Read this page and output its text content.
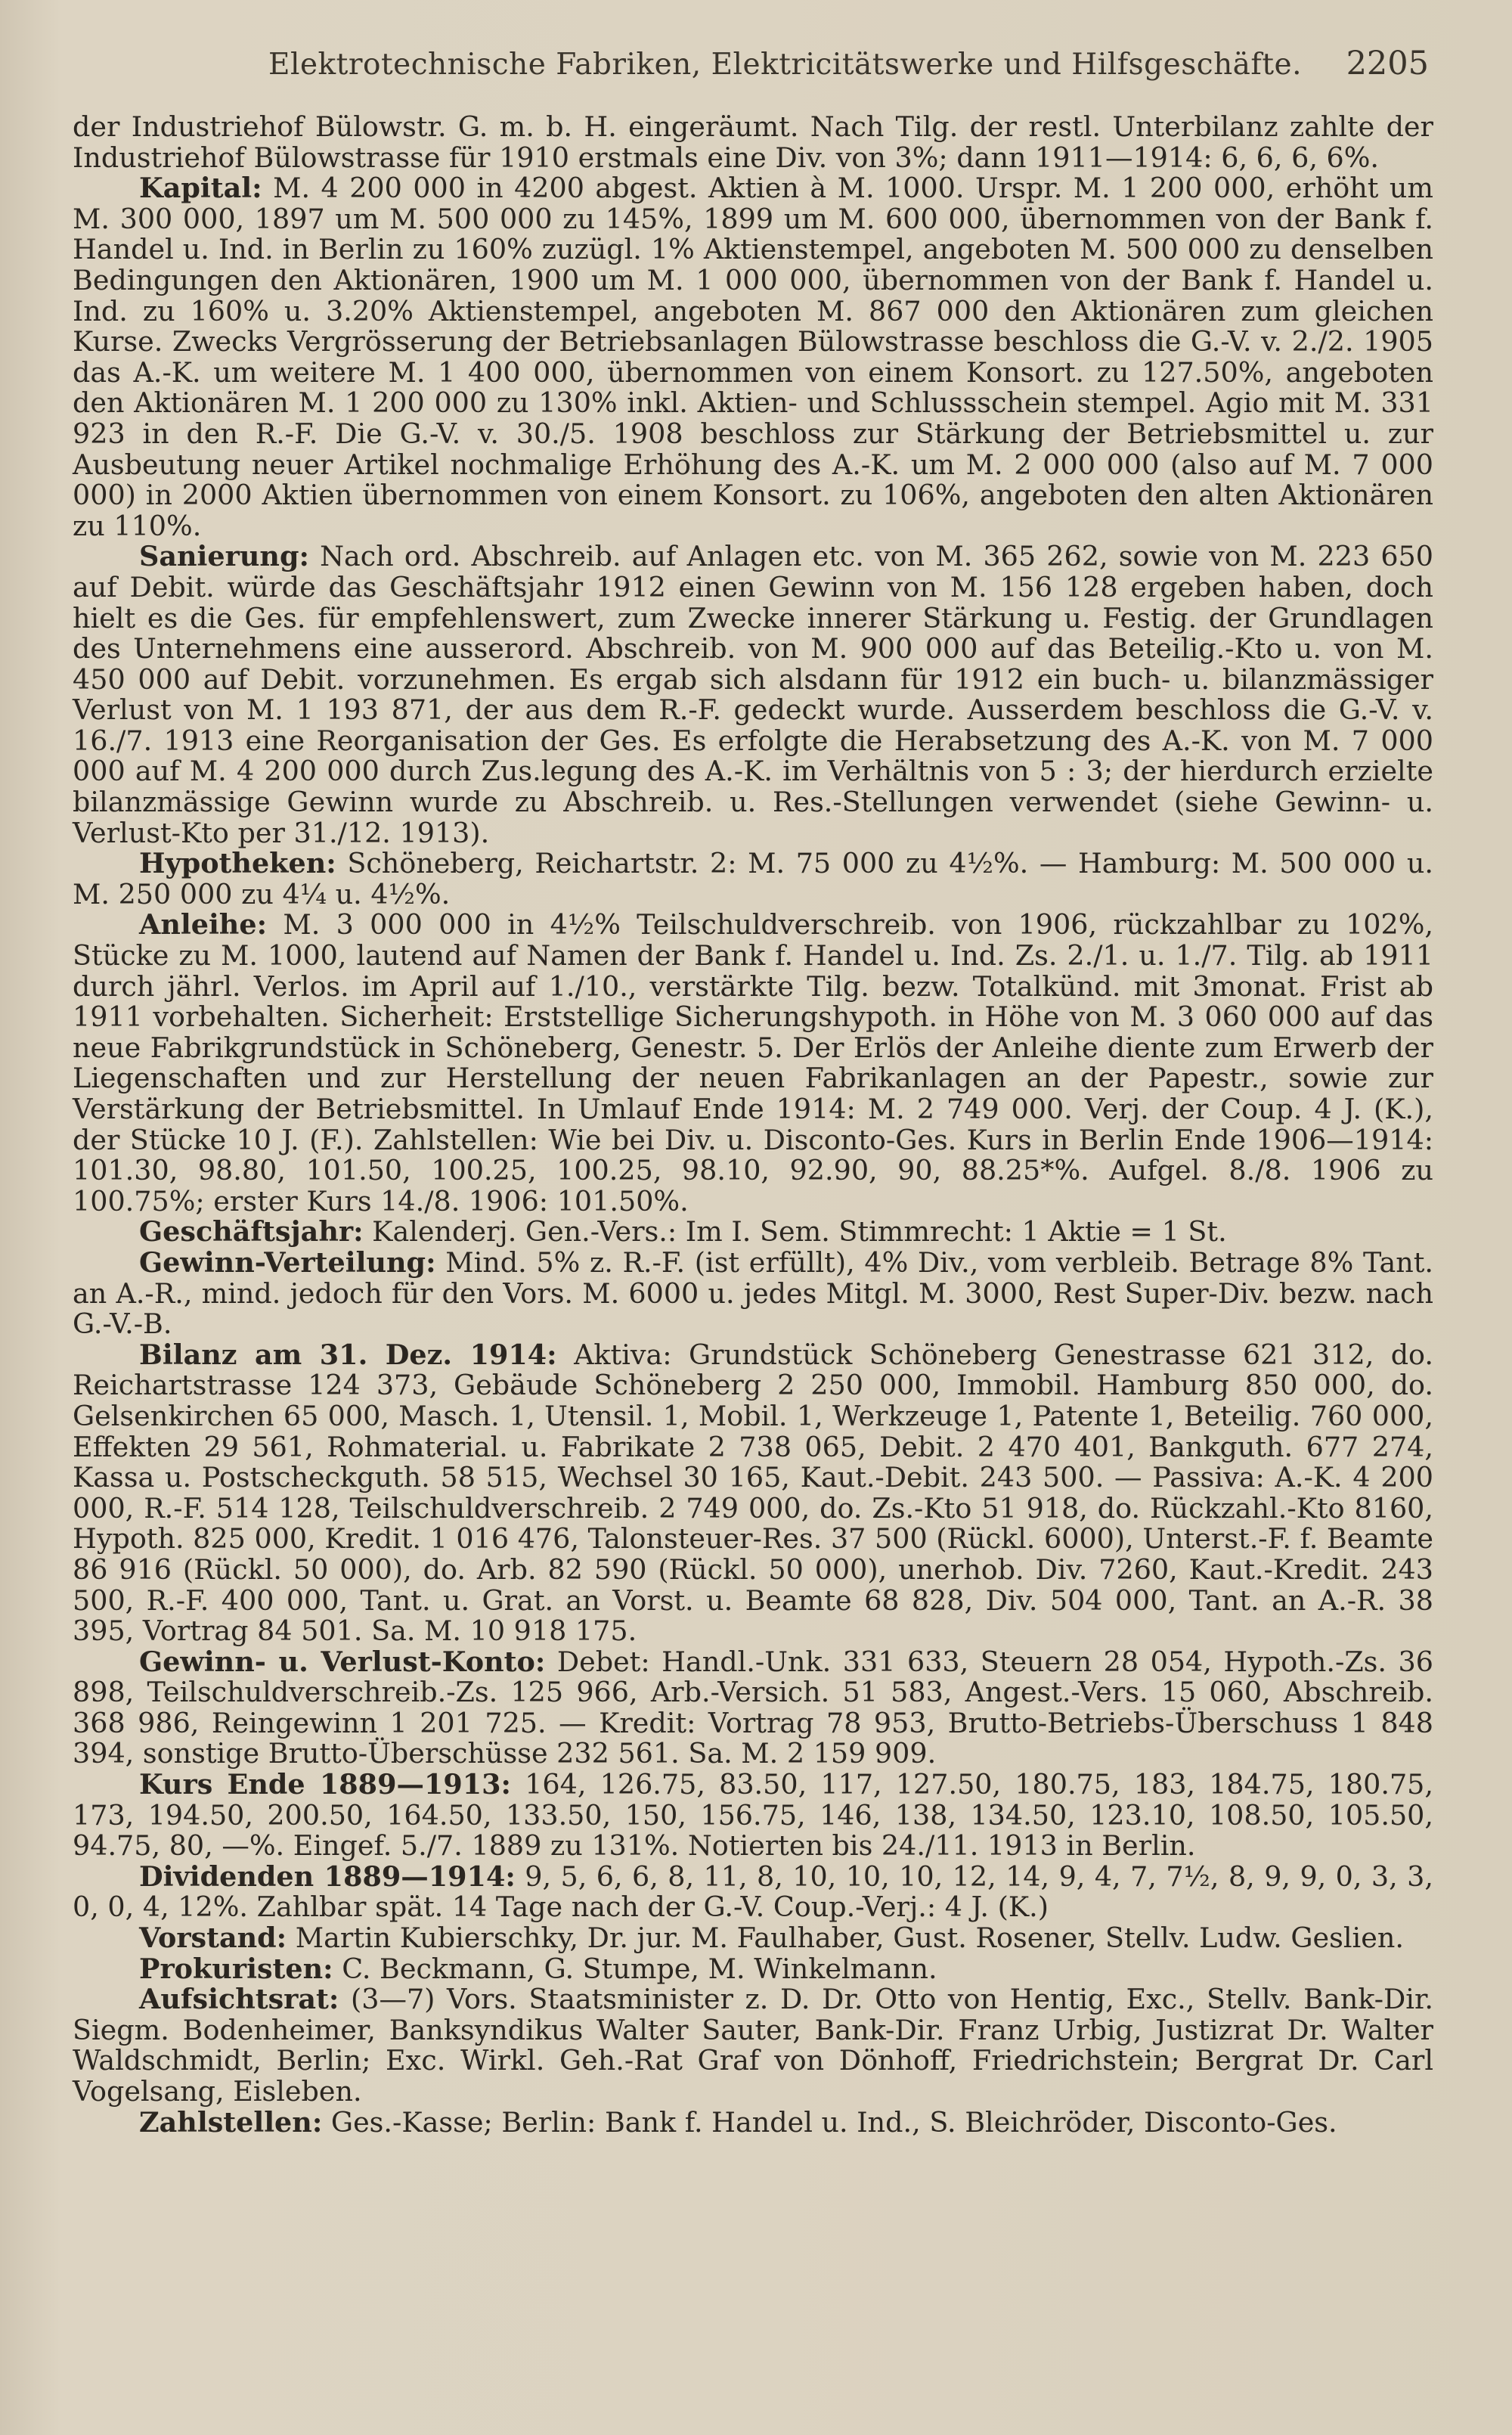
Elektrotechnische Fabriken, Elektricitätswerke und Hilfsgeschäfte. 2205

der Industriehof Bülowstr. G. m. b. H. eingeräumt. Nach Tilg. der restl. Unterbilanz zahlte der Industriehof Bülowstrasse für 1910 erstmals eine Div. von 3%; dann 1911—1914: 6, 6, 6, 6%.

Kapital: M. 4 200 000 in 4200 abgest. Aktien à M. 1000. Urspr. M. 1 200 000, erhöht um M. 300 000, 1897 um M. 500 000 zu 145%, 1899 um M. 600 000, übernommen von der Bank f. Handel u. Ind. in Berlin zu 160% zuzügl. 1% Aktienstempel, angeboten M. 500 000 zu denselben Bedingungen den Aktionären, 1900 um M. 1 000 000, übernommen von der Bank f. Handel u. Ind. zu 160% u. 3.20% Aktienstempel, angeboten M. 867 000 den Aktionären zum gleichen Kurse. Zwecks Vergrösserung der Betriebsanlagen Bülowstrasse beschloss die G.-V. v. 2./2. 1905 das A.-K. um weitere M. 1 400 000, übernommen von einem Konsort. zu 127.50%, angeboten den Aktionären M. 1 200 000 zu 130% inkl. Aktien- und Schlussschein stempel. Agio mit M. 331 923 in den R.-F. Die G.-V. v. 30./5. 1908 beschloss zur Stärkung der Betriebsmittel u. zur Ausbeutung neuer Artikel nochmalige Erhöhung des A.-K. um M. 2 000 000 (also auf M. 7 000 000) in 2000 Aktien übernommen von einem Konsort. zu 106%, angeboten den alten Aktionären zu 110%.

Sanierung: Nach ord. Abschreib. auf Anlagen etc. von M. 365 262, sowie von M. 223 650 auf Debit. würde das Geschäftsjahr 1912 einen Gewinn von M. 156 128 ergeben haben, doch hielt es die Ges. für empfehlenswert, zum Zwecke innerer Stärkung u. Festig. der Grundlagen des Unternehmens eine ausserord. Abschreib. von M. 900 000 auf das Beteilig.-Kto u. von M. 450 000 auf Debit. vorzunehmen. Es ergab sich alsdann für 1912 ein buch- u. bilanzmässiger Verlust von M. 1 193 871, der aus dem R.-F. gedeckt wurde. Ausserdem beschloss die G.-V. v. 16./7. 1913 eine Reorganisation der Ges. Es erfolgte die Herabsetzung des A.-K. von M. 7 000 000 auf M. 4 200 000 durch Zus.legung des A.-K. im Verhältnis von 5 : 3; der hierdurch erzielte bilanzmässige Gewinn wurde zu Abschreib. u. Res.-Stellungen verwendet (siehe Gewinn- u. Verlust-Kto per 31./12. 1913).

Hypotheken: Schöneberg, Reichartstr. 2: M. 75 000 zu 4½%. — Hamburg: M. 500 000 u. M. 250 000 zu 4¼ u. 4½%.

Anleihe: M. 3 000 000 in 4½% Teilschuldverschreib. von 1906, rückzahlbar zu 102%, Stücke zu M. 1000, lautend auf Namen der Bank f. Handel u. Ind. Zs. 2./1. u. 1./7. Tilg. ab 1911 durch jährl. Verlos. im April auf 1./10., verstärkte Tilg. bezw. Totalkünd. mit 3monat. Frist ab 1911 vorbehalten. Sicherheit: Erststellige Sicherungshypoth. in Höhe von M. 3 060 000 auf das neue Fabrikgrundstück in Schöneberg, Genestr. 5. Der Erlös der Anleihe diente zum Erwerb der Liegenschaften und zur Herstellung der neuen Fabrikanlagen an der Papestr., sowie zur Verstärkung der Betriebsmittel. In Umlauf Ende 1914: M. 2 749 000. Verj. der Coup. 4 J. (K.), der Stücke 10 J. (F.). Zahlstellen: Wie bei Div. u. Disconto-Ges. Kurs in Berlin Ende 1906—1914: 101.30, 98.80, 101.50, 100.25, 100.25, 98.10, 92.90, 90, 88.25*%. Aufgel. 8./8. 1906 zu 100.75%; erster Kurs 14./8. 1906: 101.50%.

Geschäftsjahr: Kalenderj. Gen.-Vers.: Im I. Sem. Stimmrecht: 1 Aktie = 1 St.

Gewinn-Verteilung: Mind. 5% z. R.-F. (ist erfüllt), 4% Div., vom verbleib. Betrage 8% Tant. an A.-R., mind. jedoch für den Vors. M. 6000 u. jedes Mitgl. M. 3000, Rest Super-Div. bezw. nach G.-V.-B.

Bilanz am 31. Dez. 1914: Aktiva: Grundstück Schöneberg Genestrasse 621 312, do. Reichartstrasse 124 373, Gebäude Schöneberg 2 250 000, Immobil. Hamburg 850 000, do. Gelsenkirchen 65 000, Masch. 1, Utensil. 1, Mobil. 1, Werkzeuge 1, Patente 1, Beteilig. 760 000, Effekten 29 561, Rohmaterial. u. Fabrikate 2 738 065, Debit. 2 470 401, Bankguth. 677 274, Kassa u. Postscheckguth. 58 515, Wechsel 30 165, Kaut.-Debit. 243 500. — Passiva: A.-K. 4 200 000, R.-F. 514 128, Teilschuldverschreib. 2 749 000, do. Zs.-Kto 51 918, do. Rückzahl.-Kto 8160, Hypoth. 825 000, Kredit. 1 016 476, Talonsteuer-Res. 37 500 (Rückl. 6000), Unterst.-F. f. Beamte 86 916 (Rückl. 50 000), do. Arb. 82 590 (Rückl. 50 000), unerhob. Div. 7260, Kaut.-Kredit. 243 500, R.-F. 400 000, Tant. u. Grat. an Vorst. u. Beamte 68 828, Div. 504 000, Tant. an A.-R. 38 395, Vortrag 84 501. Sa. M. 10 918 175.

Gewinn- u. Verlust-Konto: Debet: Handl.-Unk. 331 633, Steuern 28 054, Hypoth.-Zs. 36 898, Teilschuldverschreib.-Zs. 125 966, Arb.-Versich. 51 583, Angest.-Vers. 15 060, Abschreib. 368 986, Reingewinn 1 201 725. — Kredit: Vortrag 78 953, Brutto-Betriebs-Überschuss 1 848 394, sonstige Brutto-Überschüsse 232 561. Sa. M. 2 159 909.

Kurs Ende 1889—1913: 164, 126.75, 83.50, 117, 127.50, 180.75, 183, 184.75, 180.75, 173, 194.50, 200.50, 164.50, 133.50, 150, 156.75, 146, 138, 134.50, 123.10, 108.50, 105.50, 94.75, 80, —%. Eingef. 5./7. 1889 zu 131%. Notierten bis 24./11. 1913 in Berlin.

Dividenden 1889—1914: 9, 5, 6, 6, 8, 11, 8, 10, 10, 10, 12, 14, 9, 4, 7, 7½, 8, 9, 9, 0, 3, 3, 0, 0, 4, 12%. Zahlbar spät. 14 Tage nach der G.-V. Coup.-Verj.: 4 J. (K.)

Vorstand: Martin Kubierschky, Dr. jur. M. Faulhaber, Gust. Rosener, Stellv. Ludw. Geslien.

Prokuristen: C. Beckmann, G. Stumpe, M. Winkelmann.

Aufsichtsrat: (3—7) Vors. Staatsminister z. D. Dr. Otto von Hentig, Exc., Stellv. Bank-Dir. Siegm. Bodenheimer, Banksyndikus Walter Sauter, Bank-Dir. Franz Urbig, Justizrat Dr. Walter Waldschmidt, Berlin; Exc. Wirkl. Geh.-Rat Graf von Dönhoff, Friedrichstein; Bergrat Dr. Carl Vogelsang, Eisleben.

Zahlstellen: Ges.-Kasse; Berlin: Bank f. Handel u. Ind., S. Bleichröder, Disconto-Ges.
